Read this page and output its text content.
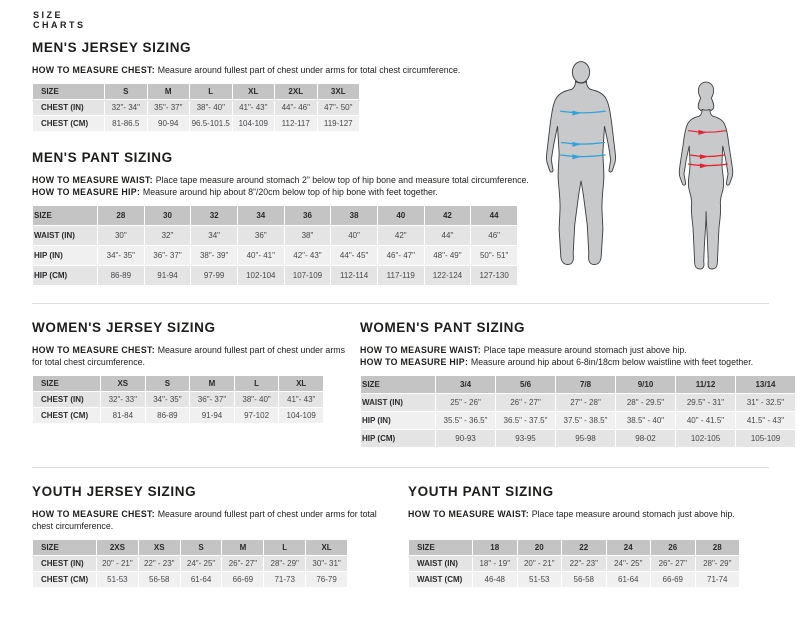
SIZE
CHARTS
MEN'S JERSEY SIZING
HOW TO MEASURE CHEST: Measure around fullest part of chest under arms for total chest circumference.
SIZE	S	M	L	XL	2XL	3XL
CHEST (IN)	32"- 34"	35"- 37"	38"- 40"	41"- 43"	44"- 46"	47"- 50"
CHEST (CM)	81-86.5	90-94	96.5-101.5	104-109	112-117	119-127
MEN'S PANT SIZING
HOW TO MEASURE WAIST: Place tape measure around stomach 2” below top of hip bone and measure total circumference.
HOW TO MEASURE HIP: Measure around hip about 8”/20cm below top of hip bone with feet together.
SIZE	28	30	32	34	36	38	40	42	44
WAIST (IN)	30"	32"	34"	36"	38"	40"	42"	44"	46"
HIP (IN)	34"- 35"	36"- 37"	38"- 39"	40"- 41"	42"- 43"	44"- 45"	46"- 47"	48"- 49"	50"- 51"
HIP (CM)	86-89	91-94	97-99	102-104	107-109	112-114	117-119	122-124	127-130
WOMEN'S JERSEY SIZING
HOW TO MEASURE CHEST: Measure around fullest part of chest under arms for total chest circumference.
SIZE	XS	S	M	L	XL
CHEST (IN)	32"- 33"	34"- 35"	36"- 37"	38"- 40"	41"- 43"
CHEST (CM)	81-84	86-89	91-94	97-102	104-109
WOMEN'S PANT SIZING
HOW TO MEASURE WAIST: Place tape measure around stomach just above hip.
HOW TO MEASURE HIP: Measure around hip about 6-8in/18cm below waistline with feet together.
SIZE	3/4	5/6	7/8	9/10	11/12	13/14
WAIST (IN)	25" - 26"	26" - 27"	27" - 28"	28" - 29.5"	29.5" - 31"	31" - 32.5"
HIP (IN)	35.5" - 36.5"	36.5" - 37.5"	37.5" - 38.5"	38.5" - 40"	40" - 41.5"	41.5" - 43"
HIP (CM)	90-93	93-95	95-98	98-02	102-105	105-109
YOUTH JERSEY SIZING
HOW TO MEASURE CHEST: Measure around fullest part of chest under arms for total chest circumference.
SIZE	2XS	XS	S	M	L	XL
CHEST (IN)	20" - 21"	22" - 23"	24"- 25"	26"- 27"	28"- 29"	30"- 31"
CHEST (CM)	51-53	56-58	61-64	66-69	71-73	76-79
YOUTH PANT SIZING
HOW TO MEASURE WAIST: Place tape measure around stomach just above hip.
SIZE	18	20	22	24	26	28
WAIST (IN)	18" - 19"	20" - 21"	22"- 23"	24"- 25"	26"- 27"	28"- 29"
WAIST (CM)	46-48	51-53	56-58	61-64	66-69	71-74
